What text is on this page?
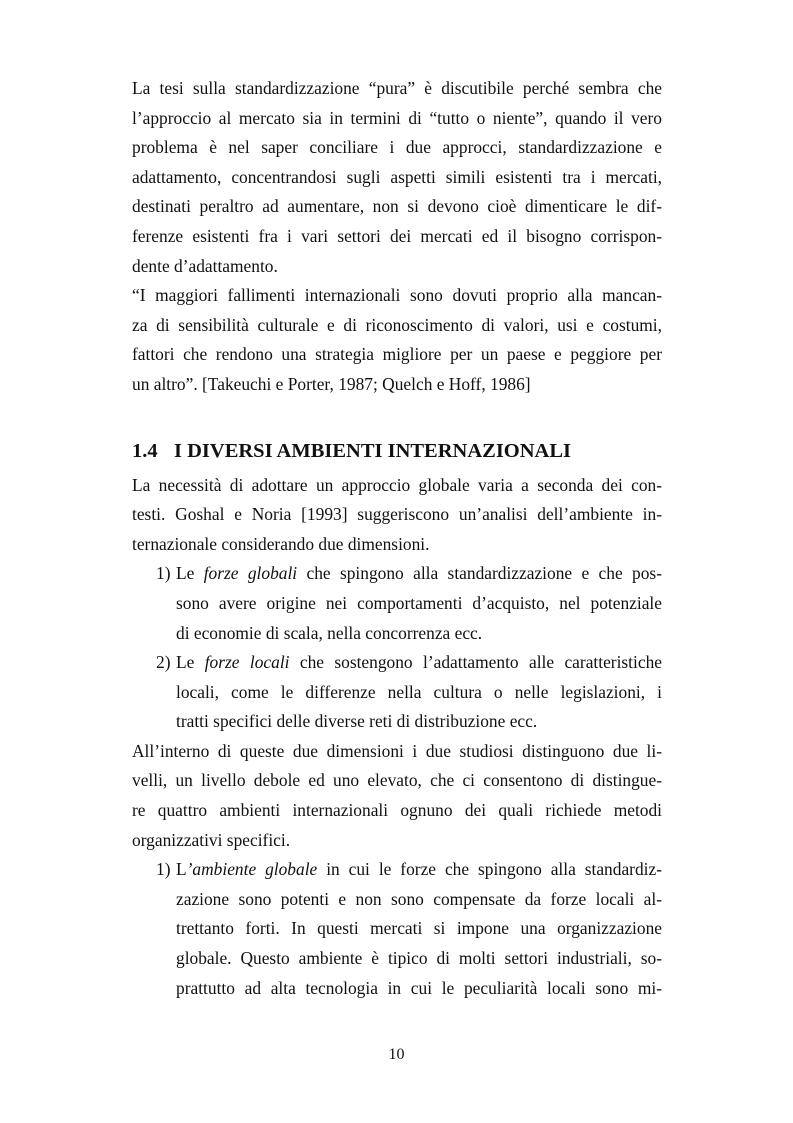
La tesi sulla standardizzazione “pura” è discutibile perché sembra che
l’approccio al mercato sia in termini di “tutto o niente”, quando il vero
problema è nel saper conciliare i due approcci, standardizzazione e
adattamento, concentrandosi sugli aspetti simili esistenti tra i mercati,
destinati peraltro ad aumentare, non si devono cioè dimenticare le dif-
ferenze esistenti fra i vari settori dei mercati ed il bisogno corrispon-
dente d’adattamento.
“I maggiori fallimenti internazionali sono dovuti proprio alla mancan-
za di sensibilità culturale e di riconoscimento di valori, usi e costumi,
fattori che rendono una strategia migliore per un paese e peggiore per
un altro”. [Takeuchi e Porter, 1987; Quelch e Hoff, 1986]
1.4 I DIVERSI AMBIENTI INTERNAZIONALI
La necessità di adottare un approccio globale varia a seconda dei con-
testi. Goshal e Noria [1993] suggeriscono un’analisi dell’ambiente in-
ternazionale considerando due dimensioni.
1) Le forze globali che spingono alla standardizzazione e che pos-
sono avere origine nei comportamenti d’acquisto, nel potenziale
di economie di scala, nella concorrenza ecc.
2) Le forze locali che sostengono l’adattamento alle caratteristiche
locali, come le differenze nella cultura o nelle legislazioni, i
tratti specifici delle diverse reti di distribuzione ecc.
All’interno di queste due dimensioni i due studiosi distinguono due li-
velli, un livello debole ed uno elevato, che ci consentono di distingue-
re quattro ambienti internazionali ognuno dei quali richiede metodi
organizzativi specifici.
1) L’ambiente globale in cui le forze che spingono alla standardiz-
zazione sono potenti e non sono compensate da forze locali al-
trettanto forti. In questi mercati si impone una organizzazione
globale. Questo ambiente è tipico di molti settori industriali, so-
prattutto ad alta tecnologia in cui le peculiarità locali sono mi-
10
